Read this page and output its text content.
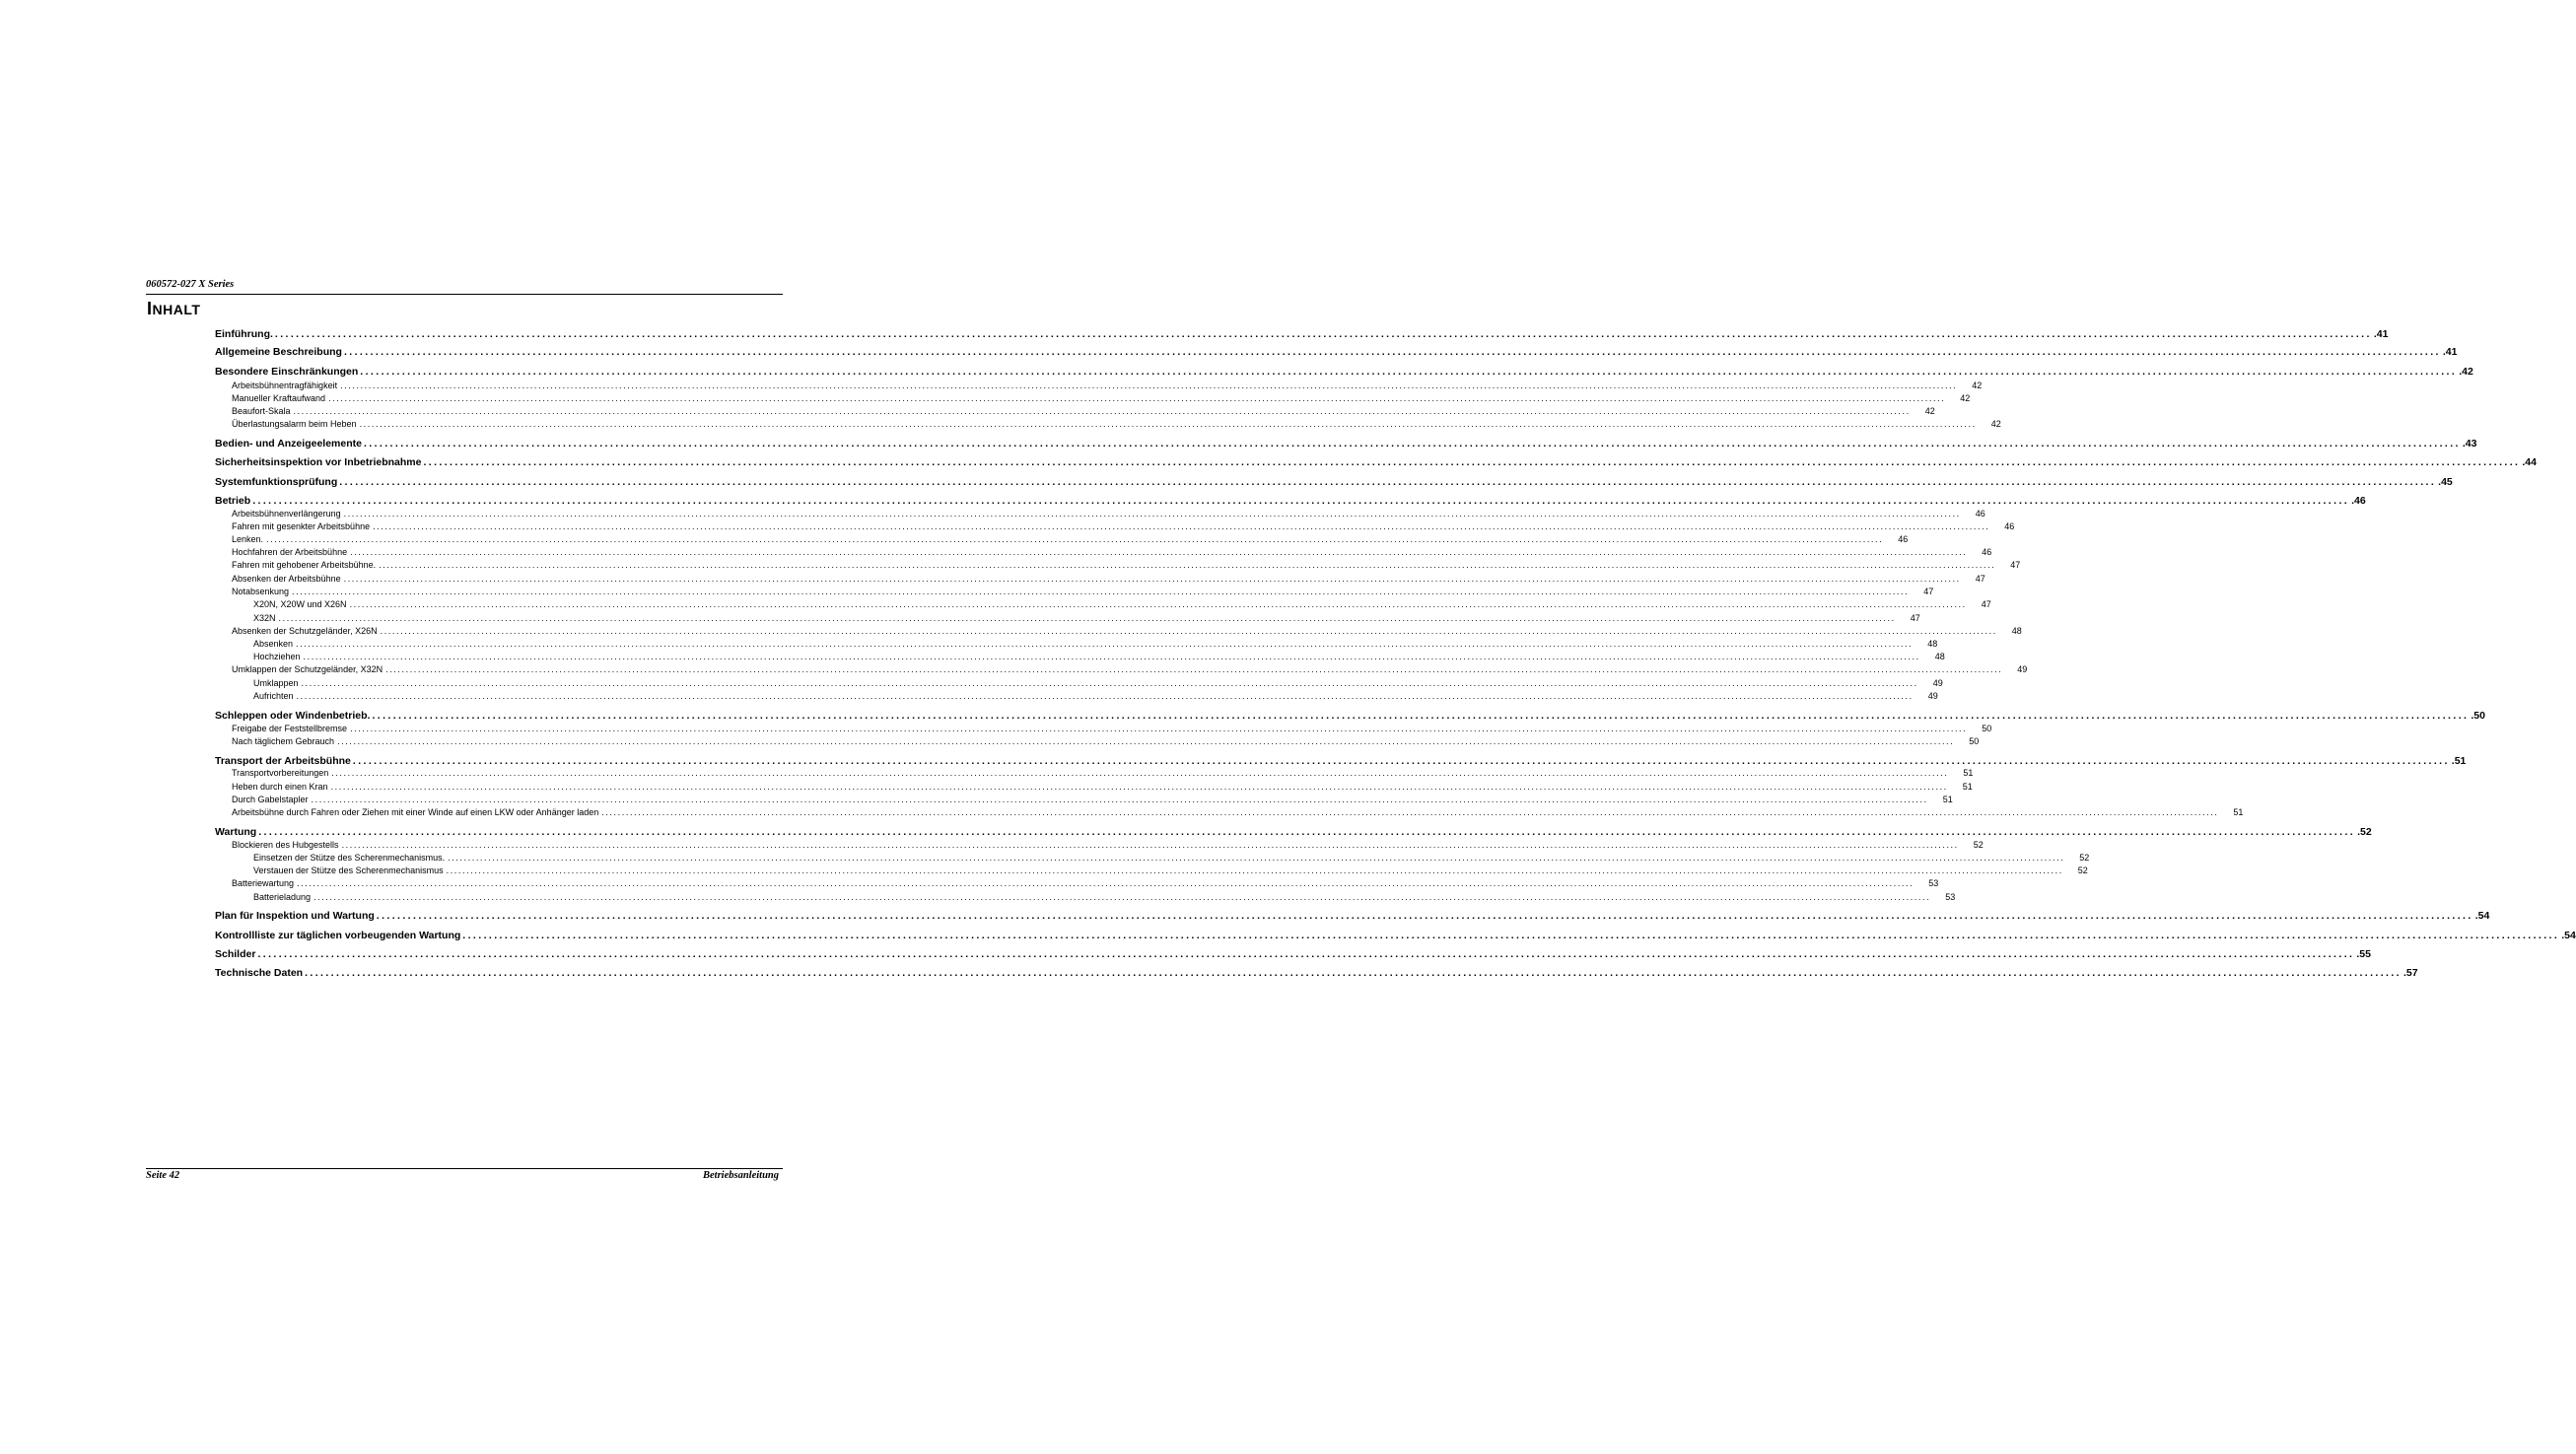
060572-027 X Series
INHALT
Einführung. ................................................................................................................................................................................................................................................................................................................................................................................................................ .41
Allgemeine Beschreibung ................................................................................................................................................................................................................................................................................................................................................................................................................ .41
Besondere Einschränkungen ................................................................................................................................................................................................................................................................................................................................................................................................................ .42
Arbeitsbühnentragfähigkeit ................................................................................................................................................................................................................................................................................................................................................................................................................	42
Manueller Kraftaufwand ................................................................................................................................................................................................................................................................................................................................................................................................................	42
Beaufort-Skala ................................................................................................................................................................................................................................................................................................................................................................................................................	42
Überlastungsalarm beim Heben ................................................................................................................................................................................................................................................................................................................................................................................................................	42
Bedien- und Anzeigeelemente ................................................................................................................................................................................................................................................................................................................................................................................................................ .43
Sicherheitsinspektion vor Inbetriebnahme ................................................................................................................................................................................................................................................................................................................................................................................................................ .44
Systemfunktionsprüfung ................................................................................................................................................................................................................................................................................................................................................................................................................ .45
Betrieb ................................................................................................................................................................................................................................................................................................................................................................................................................ .46
Arbeitsbühnenverlängerung ................................................................................................................................................................................................................................................................................................................................................................................................................	46
Fahren mit gesenkter Arbeitsbühne ................................................................................................................................................................................................................................................................................................................................................................................................................	46
Lenken. ................................................................................................................................................................................................................................................................................................................................................................................................................	46
Hochfahren der Arbeitsbühne ................................................................................................................................................................................................................................................................................................................................................................................................................	46
Fahren mit gehobener Arbeitsbühne. ................................................................................................................................................................................................................................................................................................................................................................................................................	47
Absenken der Arbeitsbühne ................................................................................................................................................................................................................................................................................................................................................................................................................	47
Notabsenkung ................................................................................................................................................................................................................................................................................................................................................................................................................	47
X20N, X20W und X26N ................................................................................................................................................................................................................................................................................................................................................................................................................	47
X32N ................................................................................................................................................................................................................................................................................................................................................................................................................	47
Absenken der Schutzgeländer, X26N ................................................................................................................................................................................................................................................................................................................................................................................................................	48
Absenken ................................................................................................................................................................................................................................................................................................................................................................................................................	48
Hochziehen ................................................................................................................................................................................................................................................................................................................................................................................................................	48
Umklappen der Schutzgeländer, X32N ................................................................................................................................................................................................................................................................................................................................................................................................................	49
Umklappen ................................................................................................................................................................................................................................................................................................................................................................................................................	49
Aufrichten ................................................................................................................................................................................................................................................................................................................................................................................................................	49
Schleppen oder Windenbetrieb. ................................................................................................................................................................................................................................................................................................................................................................................................................ .50
Freigabe der Feststellbremse ................................................................................................................................................................................................................................................................................................................................................................................................................	50
Nach täglichem Gebrauch ................................................................................................................................................................................................................................................................................................................................................................................................................	50
Transport der Arbeitsbühne ................................................................................................................................................................................................................................................................................................................................................................................................................ .51
Transportvorbereitungen ................................................................................................................................................................................................................................................................................................................................................................................................................	51
Heben durch einen Kran ................................................................................................................................................................................................................................................................................................................................................................................................................	51
Durch Gabelstapler ................................................................................................................................................................................................................................................................................................................................................................................................................	51
Arbeitsbühne durch Fahren oder Ziehen mit einer Winde auf einen LKW oder Anhänger laden ................................................................................................................................................................................................................................................................................................................................................................................................................	51
Wartung ................................................................................................................................................................................................................................................................................................................................................................................................................ .52
Blockieren des Hubgestells ................................................................................................................................................................................................................................................................................................................................................................................................................	52
Einsetzen der Stütze des Scherenmechanismus. ................................................................................................................................................................................................................................................................................................................................................................................................................	52
Verstauen der Stütze des Scherenmechanismus ................................................................................................................................................................................................................................................................................................................................................................................................................	52
Batteriewartung ................................................................................................................................................................................................................................................................................................................................................................................................................	53
Batterieladung ................................................................................................................................................................................................................................................................................................................................................................................................................	53
Plan für Inspektion und Wartung ................................................................................................................................................................................................................................................................................................................................................................................................................ .54
Kontrollliste zur täglichen vorbeugenden Wartung ................................................................................................................................................................................................................................................................................................................................................................................................................ .54
Schilder ................................................................................................................................................................................................................................................................................................................................................................................................................ .55
Technische Daten ................................................................................................................................................................................................................................................................................................................................................................................................................ .57
Seite 42	Betriebsanleitung
